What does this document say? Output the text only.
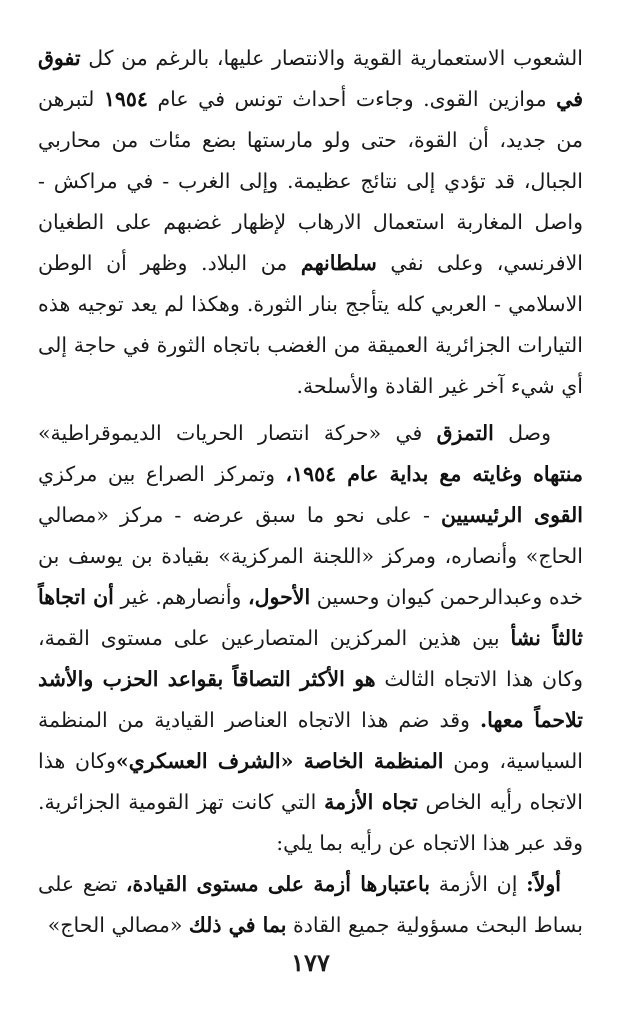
الشعوب الاستعمارية القوية والانتصار عليها، بالرغم من كل تفوق في موازين القوى. وجاءت أحداث تونس في عام ١٩٥٤ لتبرهن من جديد، أن القوة، حتى ولو مارستها بضع مئات من محاربي الجبال، قد تؤدي إلى نتائج عظيمة. وإلى الغرب - في مراكش - واصل المغاربة استعمال الارهاب لإظهار غضبهم على الطغيان الافرنسي، وعلى نفي سلطانهم من البلاد. وظهر أن الوطن الاسلامي - العربي كله يتأجج بنار الثورة. وهكذا لم يعد توجيه هذه التيارات الجزائرية العميقة من الغضب باتجاه الثورة في حاجة إلى أي شيء آخر غير القادة والأسلحة.

وصل التمزق في «حركة انتصار الحريات الديموقراطية» منتهاه وغايته مع بداية عام ١٩٥٤، وتمركز الصراع بين مركزي القوى الرئيسيين - على نحو ما سبق عرضه - مركز «مصالي الحاج» وأنصاره، ومركز «اللجنة المركزية» بقيادة بن يوسف بن خده وعبدالرحمن كيوان وحسين الأحول، وأنصارهم. غير أن اتجاهاً ثالثاً نشأ بين هذين المركزين المتصارعين على مستوى القمة، وكان هذا الاتجاه الثالث هو الأكثر التصاقاً بقواعد الحزب والأشد تلاحماً معها. وقد ضم هذا الاتجاه العناصر القيادية من المنظمة السياسية، ومن المنظمة الخاصة «الشرف العسكري»وكان هذا الاتجاه رأيه الخاص تجاه الأزمة التي كانت تهز القومية الجزائرية. وقد عبر هذا الاتجاه عن رأيه بما يلي:

أولاً: إن الأزمة باعتبارها أزمة على مستوى القيادة، تضع على بساط البحث مسؤولية جميع القادة بما في ذلك «مصالي الحاج»

١٧٧
